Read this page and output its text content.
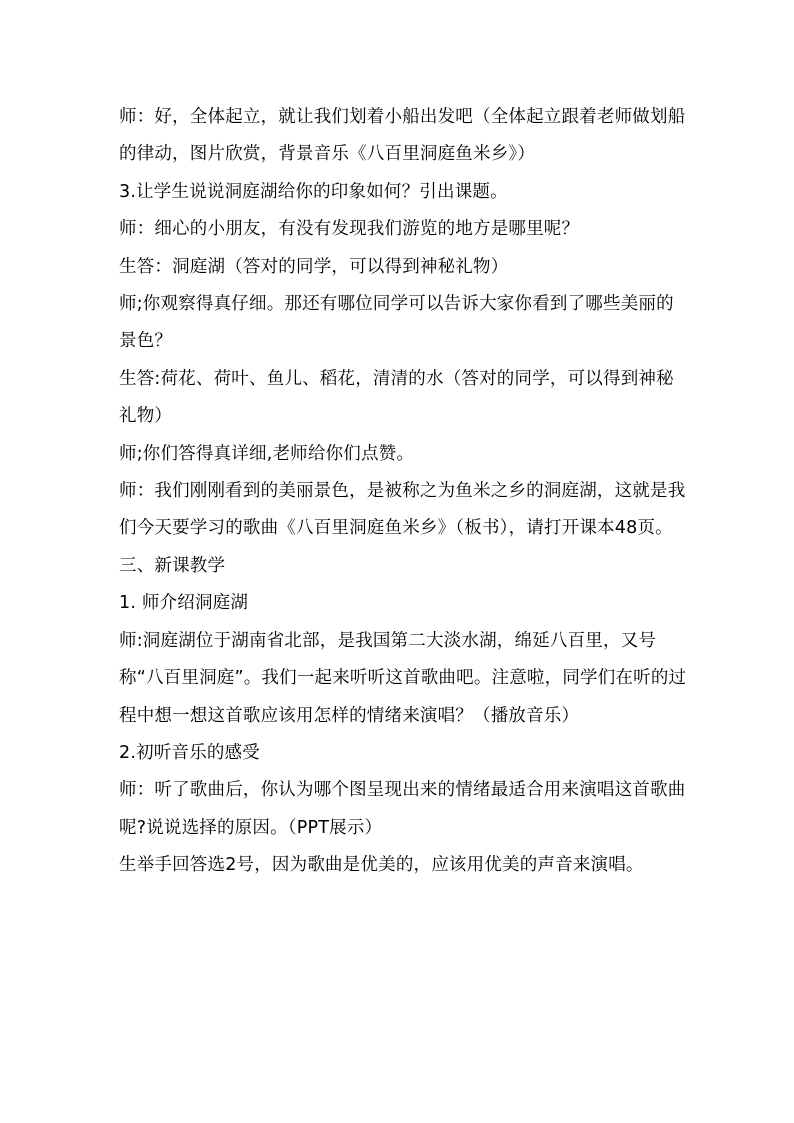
师：好，全体起立，就让我们划着小船出发吧（全体起立跟着老师做划船的律动，图片欣赏，背景音乐《八百里洞庭鱼米乡》）

3.让学生说说洞庭湖给你的印象如何？引出课题。

师：细心的小朋友，有没有发现我们游览的地方是哪里呢？

生答：洞庭湖（答对的同学，可以得到神秘礼物）

师;你观察得真仔细。那还有哪位同学可以告诉大家你看到了哪些美丽的景色？

生答:荷花、荷叶、鱼儿、稻花，清清的水（答对的同学，可以得到神秘礼物）

师;你们答得真详细,老师给你们点赞。

师：我们刚刚看到的美丽景色，是被称之为鱼米之乡的洞庭湖，这就是我们今天要学习的歌曲《八百里洞庭鱼米乡》（板书），请打开课本48页。

三、新课教学

1. 师介绍洞庭湖

师:洞庭湖位于湖南省北部，是我国第二大淡水湖，绵延八百里，又号称“八百里洞庭”。我们一起来听听这首歌曲吧。注意啦，同学们在听的过程中想一想这首歌应该用怎样的情绪来演唱？（播放音乐）

2.初听音乐的感受

师：听了歌曲后，你认为哪个图呈现出来的情绪最适合用来演唱这首歌曲呢?说说选择的原因。（PPT展示）

生举手回答选2号，因为歌曲是优美的，应该用优美的声音来演唱。
